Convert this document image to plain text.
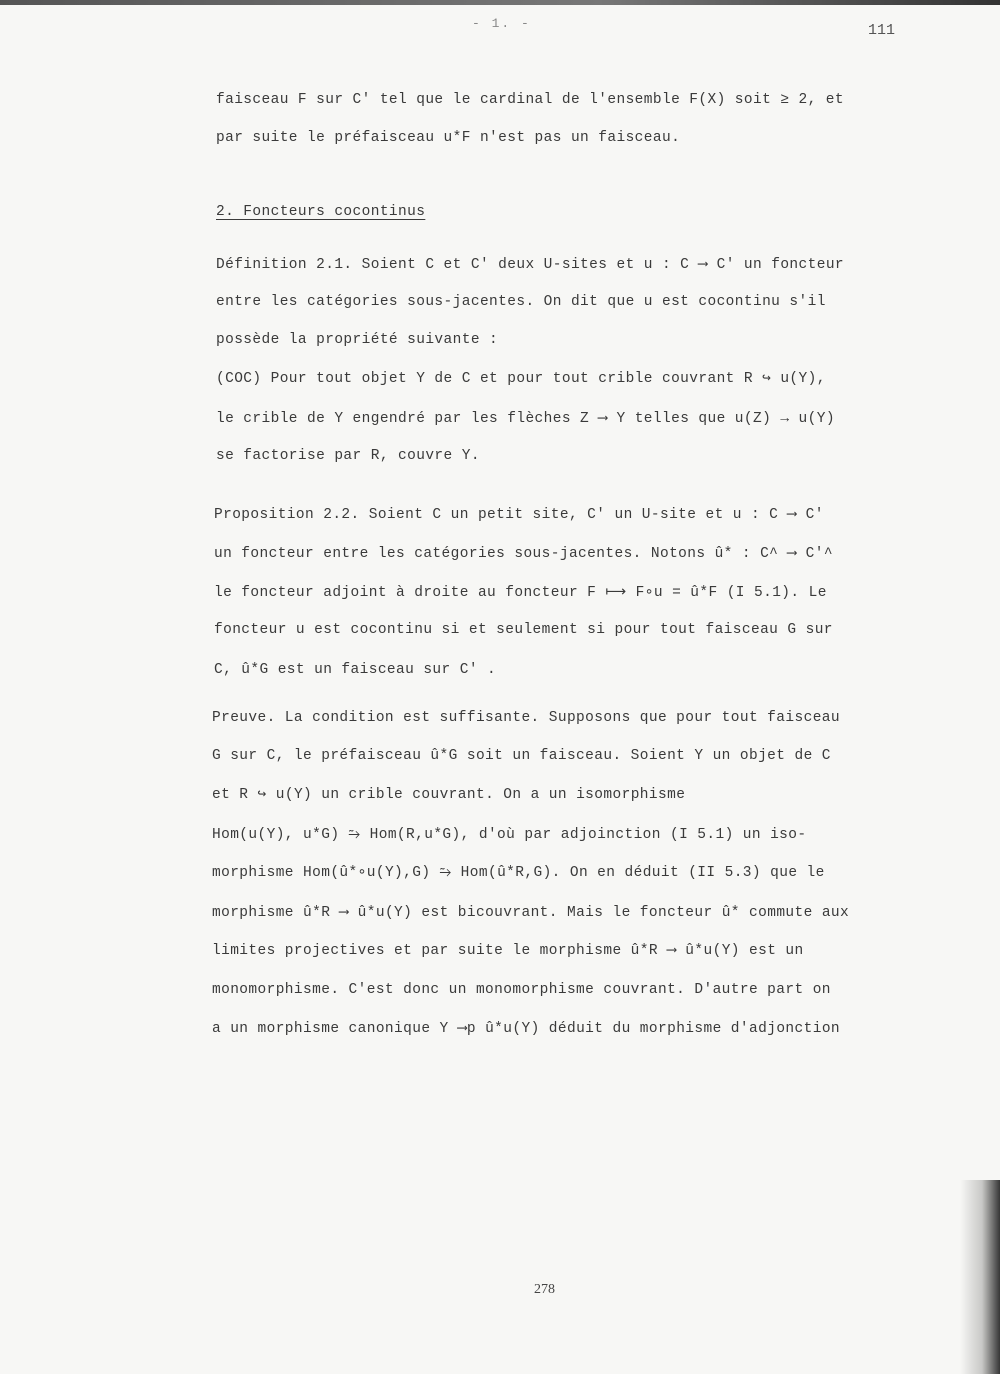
- 1. -	111
faisceau F sur C' tel que le cardinal de l'ensemble F(X) soit ≥ 2, et
par suite le préfaisceau u*F n'est pas un faisceau.
2. Foncteurs cocontinus
Définition 2.1. Soient C et C' deux U-sites et u : C ⟶ C' un foncteur
entre les catégories sous-jacentes. On dit que u est cocontinu s'il
possède la propriété suivante :
(COC) Pour tout objet Y de C et pour tout crible couvrant R ↪ u(Y),
le crible de Y engendré par les flèches Z ⟶ Y telles que u(Z) → u(Y)
se factorise par R, couvre Y.
Proposition 2.2. Soient C un petit site, C' un U-site et u : C ⟶ C'
un foncteur entre les catégories sous-jacentes. Notons û* : C^ ⟶ C'^
le foncteur adjoint à droite au foncteur F ⟼ F∘u = û*F (I 5.1). Le
foncteur u est cocontinu si et seulement si pour tout faisceau G sur
C, û*G est un faisceau sur C' .
Preuve. La condition est suffisante. Supposons que pour tout faisceau
G sur C, le préfaisceau û*G soit un faisceau. Soient Y un objet de C
et R ↪ u(Y) un crible couvrant. On a un isomorphisme
Hom(u(Y), u*G) ⥲ Hom(R,u*G), d'où par adjoinction (I 5.1) un iso-
morphisme Hom(û*∘u(Y),G) ⥲ Hom(û*R,G). On en déduit (II 5.3) que le
morphisme û*R ⟶ û*u(Y) est bicouvrant. Mais le foncteur û* commute aux
limites projectives et par suite le morphisme û*R ⟶ û*u(Y) est un
monomorphisme. C'est donc un monomorphisme couvrant. D'autre part on
a un morphisme canonique Y ⟶p û*u(Y) déduit du morphisme d'adjonction
278
